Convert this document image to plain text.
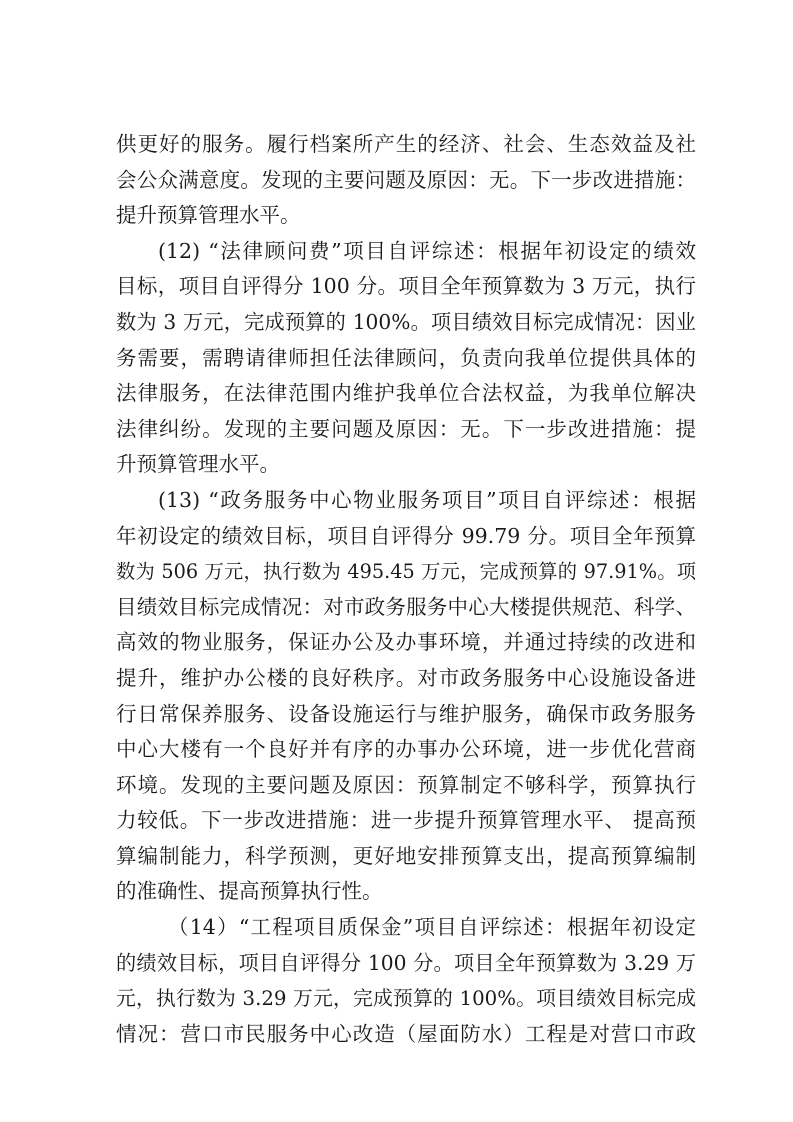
供更好的服务。履行档案所产生的经济、社会、生态效益及社
会公众满意度。发现的主要问题及原因：无。下一步改进措施：
提升预算管理水平。
(12) “法律顾问费”项目自评综述：根据年初设定的绩效
目标，项目自评得分 100 分。项目全年预算数为 3 万元，执行
数为 3 万元，完成预算的 100%。项目绩效目标完成情况：因业
务需要，需聘请律师担任法律顾问，负责向我单位提供具体的
法律服务，在法律范围内维护我单位合法权益，为我单位解决
法律纠纷。发现的主要问题及原因：无。下一步改进措施：提
升预算管理水平。
(13) “政务服务中心物业服务项目”项目自评综述：根据
年初设定的绩效目标，项目自评得分 99.79 分。项目全年预算
数为 506 万元，执行数为 495.45 万元，完成预算的 97.91%。项
目绩效目标完成情况：对市政务服务中心大楼提供规范、科学、
高效的物业服务，保证办公及办事环境，并通过持续的改进和
提升，维护办公楼的良好秩序。对市政务服务中心设施设备进
行日常保养服务、设备设施运行与维护服务，确保市政务服务
中心大楼有一个良好并有序的办事办公环境，进一步优化营商
环境。发现的主要问题及原因：预算制定不够科学，预算执行
力较低。下一步改进措施：进一步提升预算管理水平、 提高预
算编制能力，科学预测，更好地安排预算支出，提高预算编制
的准确性、提高预算执行性。
（14）“工程项目质保金”项目自评综述：根据年初设定
的绩效目标，项目自评得分 100 分。项目全年预算数为 3.29 万
元，执行数为 3.29 万元，完成预算的 100%。项目绩效目标完成
情况：营口市民服务中心改造（屋面防水）工程是对营口市政
